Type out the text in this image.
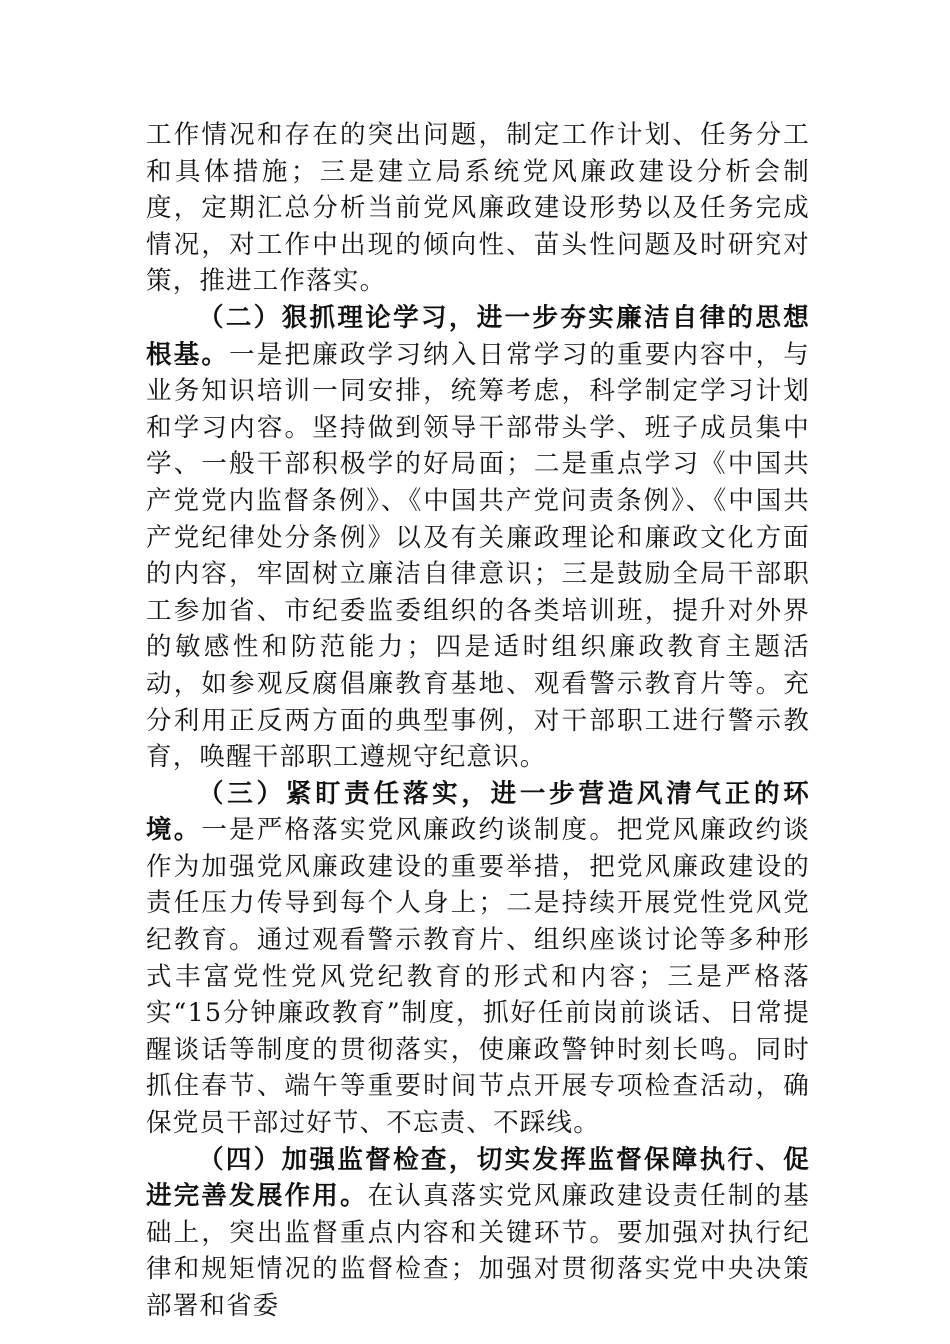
工作情况和存在的突出问题，制定工作计划、任务分工和具体措施；三是建立局系统党风廉政建设分析会制度，定期汇总分析当前党风廉政建设形势以及任务完成情况，对工作中出现的倾向性、苗头性问题及时研究对策，推进工作落实。

（二）狠抓理论学习，进一步夯实廉洁自律的思想根基。一是把廉政学习纳入日常学习的重要内容中，与业务知识培训一同安排，统筹考虑，科学制定学习计划和学习内容。坚持做到领导干部带头学、班子成员集中学、一般干部积极学的好局面；二是重点学习《中国共产党党内监督条例》、《中国共产党问责条例》、《中国共产党纪律处分条例》以及有关廉政理论和廉政文化方面的内容，牢固树立廉洁自律意识；三是鼓励全局干部职工参加省、市纪委监委组织的各类培训班，提升对外界的敏感性和防范能力；四是适时组织廉政教育主题活动，如参观反腐倡廉教育基地、观看警示教育片等。充分利用正反两方面的典型事例，对干部职工进行警示教育，唤醒干部职工遵规守纪意识。

（三）紧盯责任落实，进一步营造风清气正的环境。一是严格落实党风廉政约谈制度。把党风廉政约谈作为加强党风廉政建设的重要举措，把党风廉政建设的责任压力传导到每个人身上；二是持续开展党性党风党纪教育。通过观看警示教育片、组织座谈讨论等多种形式丰富党性党风党纪教育的形式和内容；三是严格落实“15分钟廉政教育”制度，抓好任前岗前谈话、日常提醒谈话等制度的贯彻落实，使廉政警钟时刻长鸣。同时抓住春节、端午等重要时间节点开展专项检查活动，确保党员干部过好节、不忘责、不踩线。

（四）加强监督检查，切实发挥监督保障执行、促进完善发展作用。在认真落实党风廉政建设责任制的基础上，突出监督重点内容和关键环节。要加强对执行纪律和规矩情况的监督检查；加强对贯彻落实党中央决策部署和省委
